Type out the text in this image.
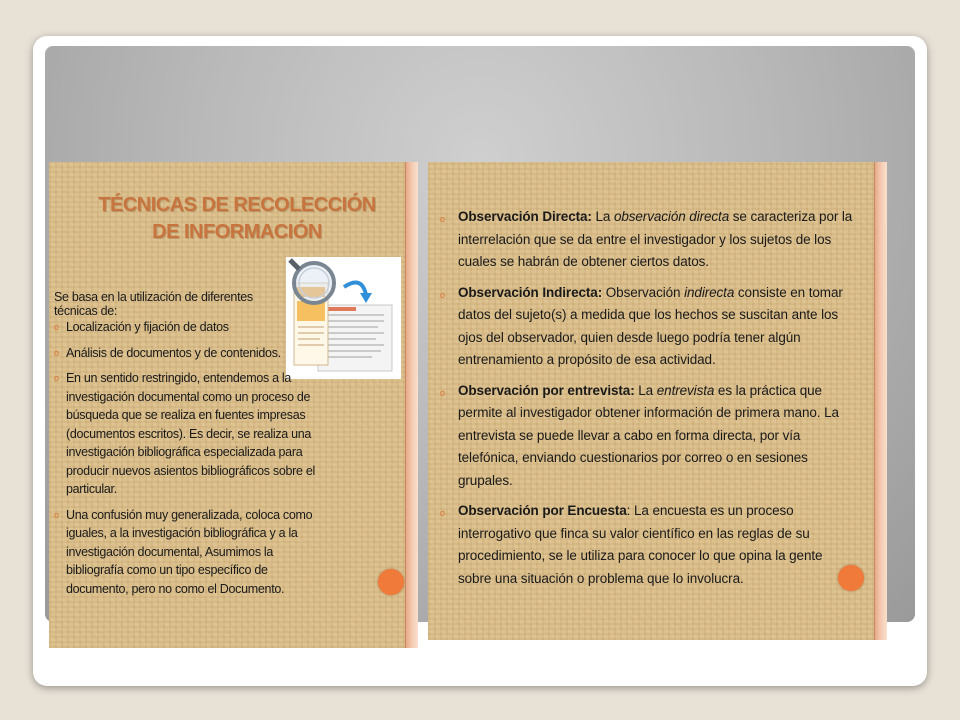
TÉCNICAS DE RECOLECCIÓN DE INFORMACIÓN
Se basa en la utilización de diferentes técnicas de:
o Localización y fijación de datos
o Análisis de documentos y de contenidos.
o En un sentido restringido, entendemos a la investigación documental como un proceso de búsqueda que se realiza en fuentes impresas (documentos escritos). Es decir, se realiza una investigación bibliográfica especializada para producir nuevos asientos bibliográficos sobre el particular.
o Una confusión muy generalizada, coloca como iguales, a la investigación bibliográfica y a la investigación documental, Asumimos la bibliografía como un tipo específico de documento, pero no como el Documento.
o Observación Directa: La observación directa se caracteriza por la interrelación que se da entre el investigador y los sujetos de los cuales se habrán de obtener ciertos datos.
o Observación Indirecta: Observación indirecta consiste en tomar datos del sujeto(s) a medida que los hechos se suscitan ante los ojos del observador, quien desde luego podría tener algún entrenamiento a propósito de esa actividad.
o Observación por entrevista: La entrevista es la práctica que permite al investigador obtener información de primera mano. La entrevista se puede llevar a cabo en forma directa, por vía telefónica, enviando cuestionarios por correo o en sesiones grupales.
o Observación por Encuesta: La encuesta es un proceso interrogativo que finca su valor científico en las reglas de su procedimiento, se le utiliza para conocer lo que opina la gente sobre una situación o problema que lo involucra.
